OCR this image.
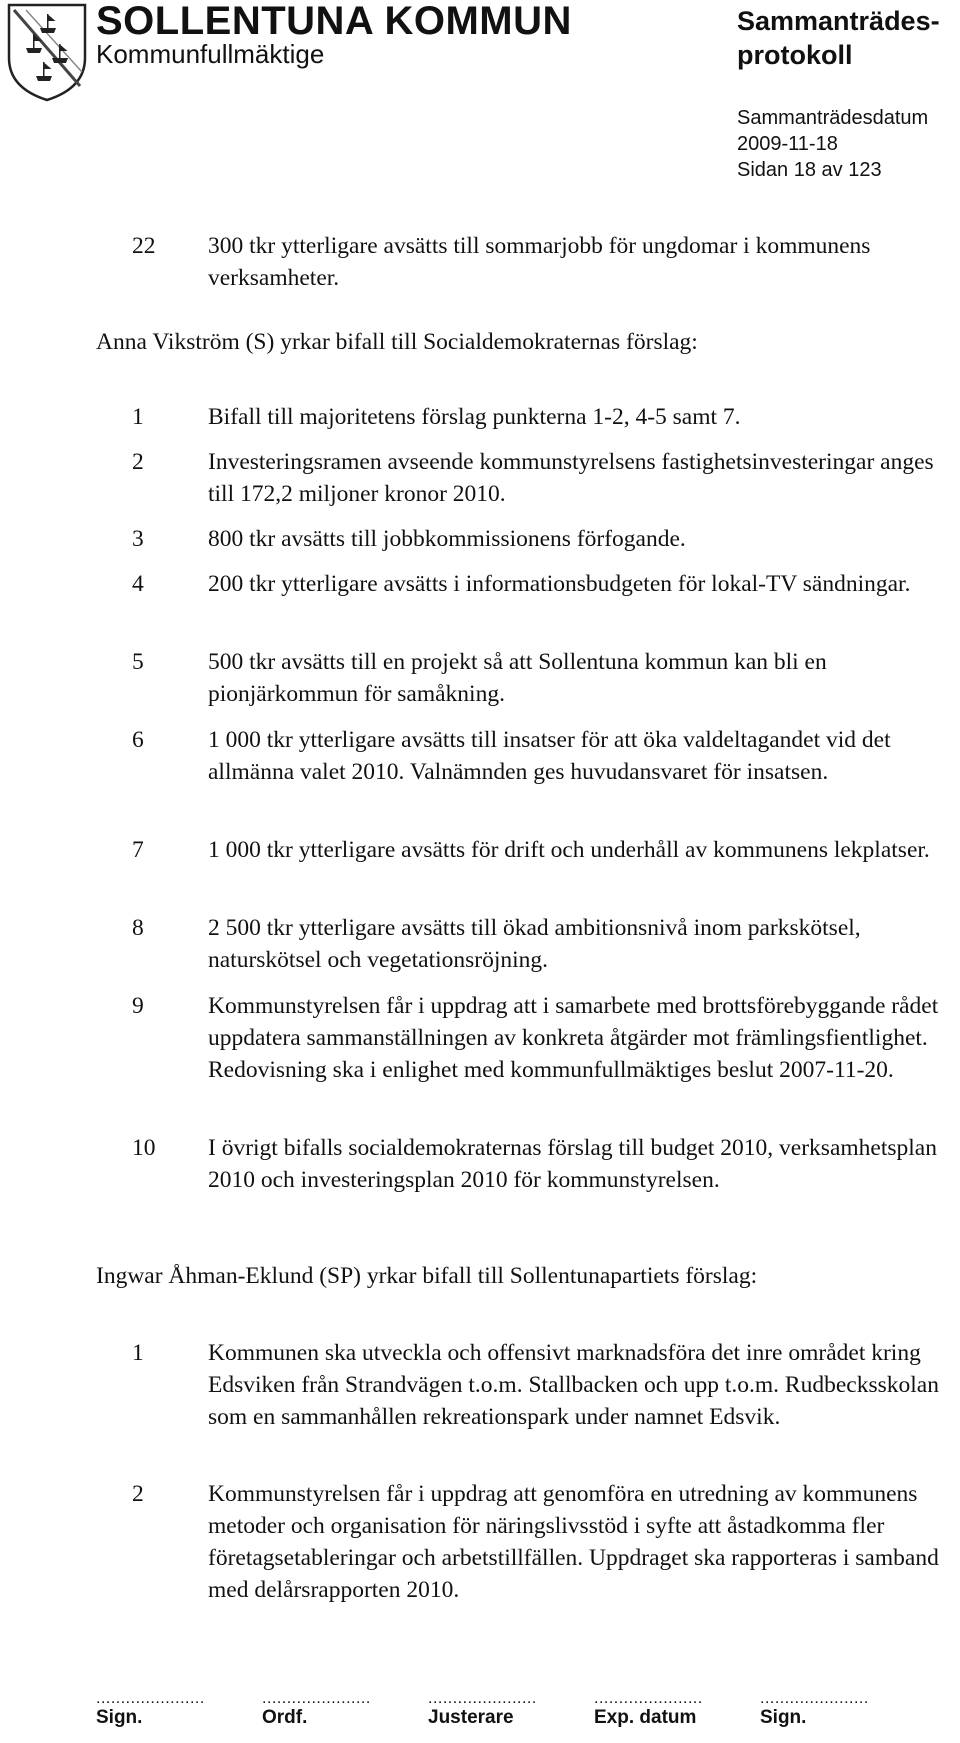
SOLLENTUNA KOMMUN
Kommunfullmäktige
Sammanträdes-
protokoll
Sammanträdesdatum
2009-11-18
Sidan 18 av 123
22	300 tkr ytterligare avsätts till sommarjobb för ungdomar i kommunens verksamheter.
Anna Vikström (S) yrkar bifall till Socialdemokraternas förslag:
1	Bifall till majoritetens förslag punkterna 1-2, 4-5 samt 7.
2	Investeringsramen avseende kommunstyrelsens fastighetsinvesteringar anges till 172,2 miljoner kronor 2010.
3	800 tkr avsätts till jobbkommissionens förfogande.
4	200 tkr ytterligare avsätts i informationsbudgeten för lokal-TV sändningar.
5	500 tkr avsätts till en projekt så att Sollentuna kommun kan bli en pionjärkommun för samåkning.
6	1 000 tkr ytterligare avsätts till insatser för att öka valdeltagandet vid det allmänna valet 2010. Valnämnden ges huvudansvaret för insatsen.
7	1 000 tkr ytterligare avsätts för drift och underhåll av kommunens lekplatser.
8	2 500 tkr ytterligare avsätts till ökad ambitionsnivå inom parkskötsel, naturskötsel och vegetationsröjning.
9	Kommunstyrelsen får i uppdrag att i samarbete med brottsförebyggande rådet uppdatera sammanställningen av konkreta åtgärder mot främlingsfientlighet. Redovisning ska i enlighet med kommunfullmäktiges beslut 2007-11-20.
10	I övrigt bifalls socialdemokraternas förslag till budget 2010, verksamhetsplan 2010 och investeringsplan 2010 för kommunstyrelsen.
Ingwar Åhman-Eklund (SP) yrkar bifall till Sollentunapartiets förslag:
1	Kommunen ska utveckla och offensivt marknadsföra det inre området kring Edsviken från Strandvägen t.o.m. Stallbacken och upp t.o.m. Rudbecksskolan som en sammanhållen rekreationspark under namnet Edsvik.
2	Kommunstyrelsen får i uppdrag att genomföra en utredning av kommunens metoder och organisation för näringslivsstöd i syfte att åstadkomma fler företagsetableringar och arbetstillfällen. Uppdraget ska rapporteras i samband med delårsrapporten 2010.
......................
Sign.
......................
Ordf.
......................
Justerare
......................
Exp. datum
......................
Sign.
